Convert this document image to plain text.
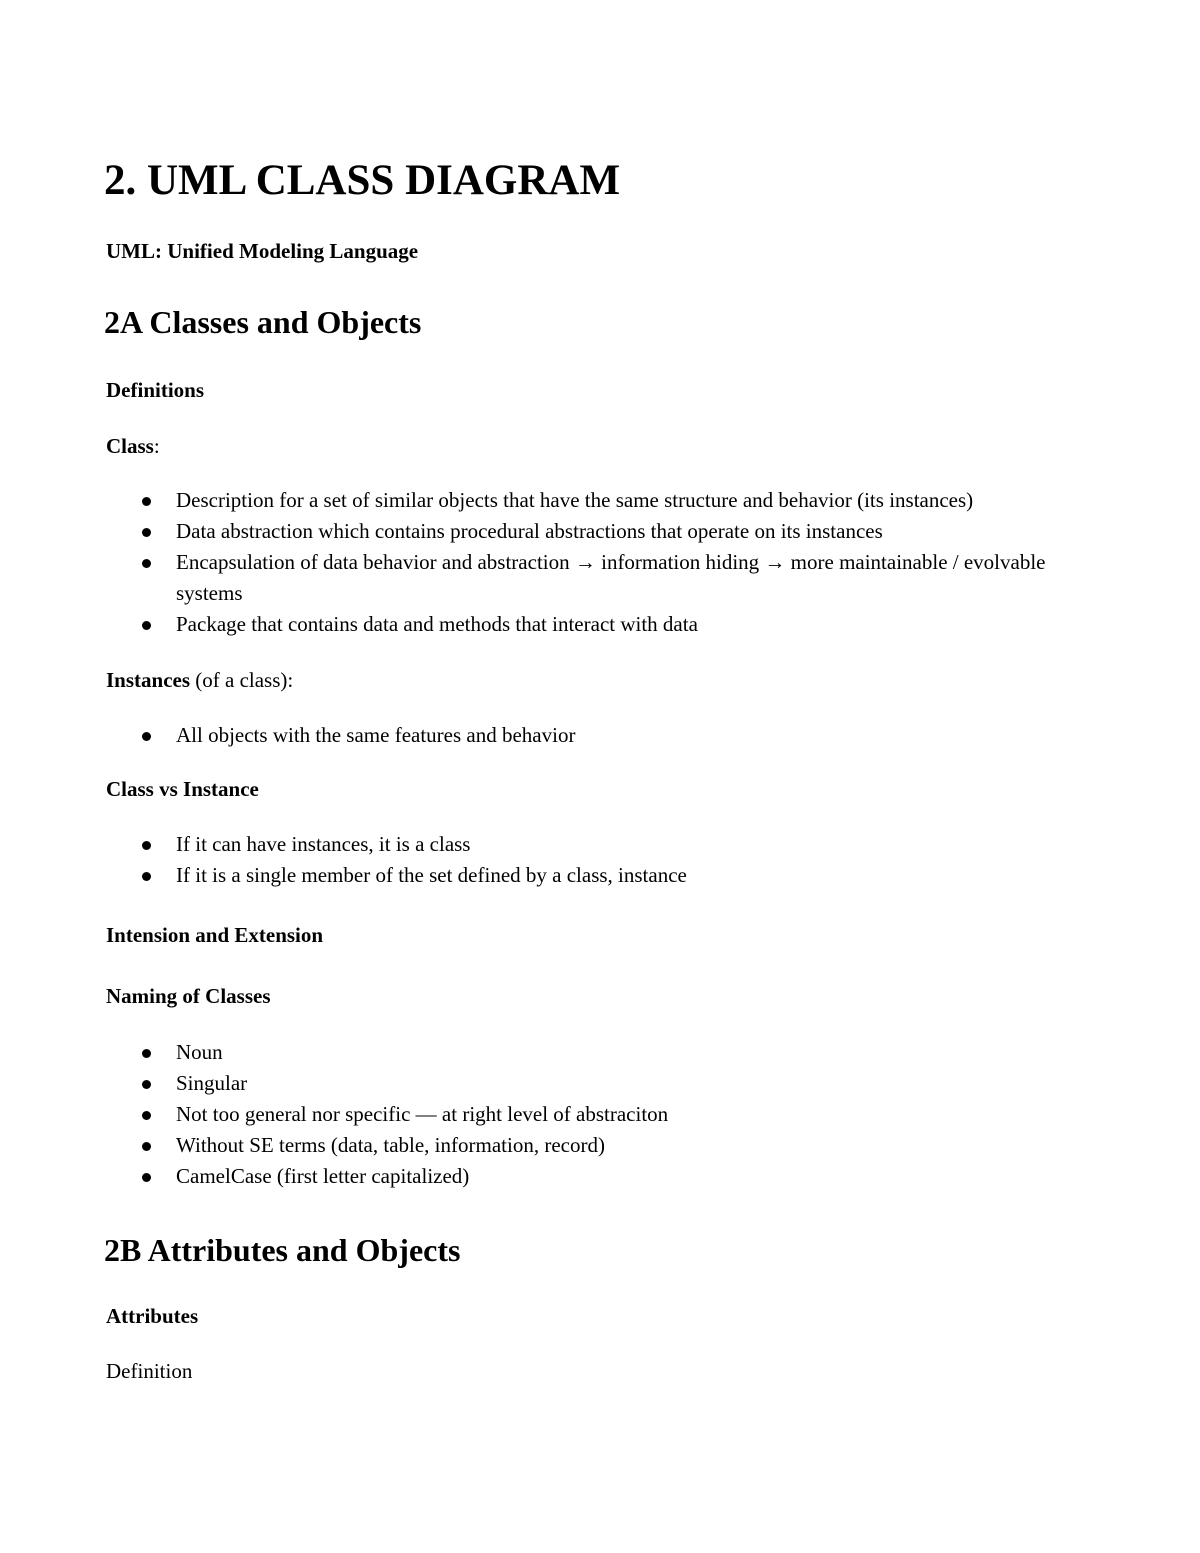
2. UML CLASS DIAGRAM
UML: Unified Modeling Language
2A Classes and Objects
Definitions
Class:
Description for a set of similar objects that have the same structure and behavior (its instances)
Data abstraction which contains procedural abstractions that operate on its instances
Encapsulation of data behavior and abstraction → information hiding → more maintainable / evolvable systems
Package that contains data and methods that interact with data
Instances (of a class):
All objects with the same features and behavior
Class vs Instance
If it can have instances, it is a class
If it is a single member of the set defined by a class, instance
Intension and Extension
Naming of Classes
Noun
Singular
Not too general nor specific — at right level of abstraciton
Without SE terms (data, table, information, record)
CamelCase (first letter capitalized)
2B Attributes and Objects
Attributes
Definition
